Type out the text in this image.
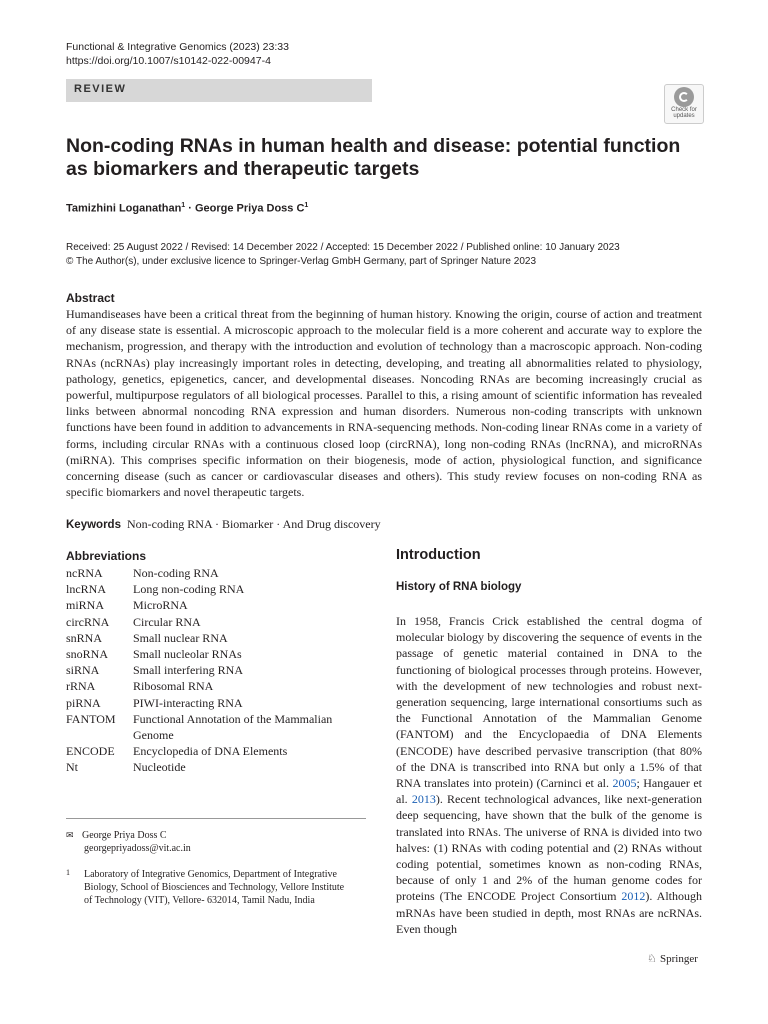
Functional & Integrative Genomics (2023) 23:33
https://doi.org/10.1007/s10142-022-00947-4
REVIEW
Check for updates
Non-coding RNAs in human health and disease: potential function as biomarkers and therapeutic targets
Tamizhini Loganathan$^1$ · George Priya Doss $C^1$
Received: 25 August 2022 / Revised: 14 December 2022 / Accepted: 15 December 2022 / Published online: 10 January 2023
© The Author(s), under exclusive licence to Springer-Verlag GmbH Germany, part of Springer Nature 2023
Abstract
Humandiseases have been a critical threat from the beginning of human history. Knowing the origin, course of action and treatment of any disease state is essential. A microscopic approach to the molecular field is a more coherent and accurate way to explore the mechanism, progression, and therapy with the introduction and evolution of technology than a macroscopic approach. Non-coding RNAs (ncRNAs) play increasingly important roles in detecting, developing, and treating all abnormalities related to physiology, pathology, genetics, epigenetics, cancer, and developmental diseases. Noncoding RNAs are becoming increasingly crucial as powerful, multipurpose regulators of all biological processes. Parallel to this, a rising amount of scientific information has revealed links between abnormal noncoding RNA expression and human disorders. Numerous non-coding transcripts with unknown functions have been found in addition to advancements in RNA-sequencing methods. Non-coding linear RNAs come in a variety of forms, including circular RNAs with a continuous closed loop (circRNA), long non-coding RNAs (lncRNA), and microRNAs (miRNA). This comprises specific information on their biogenesis, mode of action, physiological function, and significance concerning disease (such as cancer or cardiovascular diseases and others). This study review focuses on non-coding RNA as specific biomarkers and novel therapeutic targets.
Keywords Non-coding RNA · Biomarker · And Drug discovery
Abbreviations
ncRNA	Non-coding RNA
lncRNA	Long non-coding RNA
miRNA	MicroRNA
circRNA	Circular RNA
snRNA	Small nuclear RNA
snoRNA	Small nucleolar RNAs
siRNA	Small interfering RNA
rRNA	Ribosomal RNA
piRNA	PIWI-interacting RNA
FANTOM	Functional Annotation of the Mammalian Genome
ENCODE	Encyclopedia of DNA Elements
Nt	Nucleotide
✉ George Priya Doss C
georgepriyadoss@vit.ac.in
1 Laboratory of Integrative Genomics, Department of Integrative Biology, School of Biosciences and Technology, Vellore Institute of Technology (VIT), Vellore- 632014, Tamil Nadu, India
Introduction
History of RNA biology
In 1958, Francis Crick established the central dogma of molecular biology by discovering the sequence of events in the passage of genetic material contained in DNA to the functioning of biological processes through proteins. However, with the development of new technologies and robust next-generation sequencing, large international consortiums such as the Functional Annotation of the Mammalian Genome (FANTOM) and the Encyclopaedia of DNA Elements (ENCODE) have described pervasive transcription (that 80% of the DNA is transcribed into RNA but only a 1.5% of that RNA translates into protein) (Carninci et al. 2005; Hangauer et al. 2013). Recent technological advances, like next-generation deep sequencing, have shown that the bulk of the genome is translated into RNAs. The universe of RNA is divided into two halves: (1) RNAs with coding potential and (2) RNAs without coding potential, sometimes known as non-coding RNAs, because of only 1 and 2% of the human genome codes for proteins (The ENCODE Project Consortium 2012). Although mRNAs have been studied in depth, most RNAs are ncRNAs. Even though
♘ Springer
